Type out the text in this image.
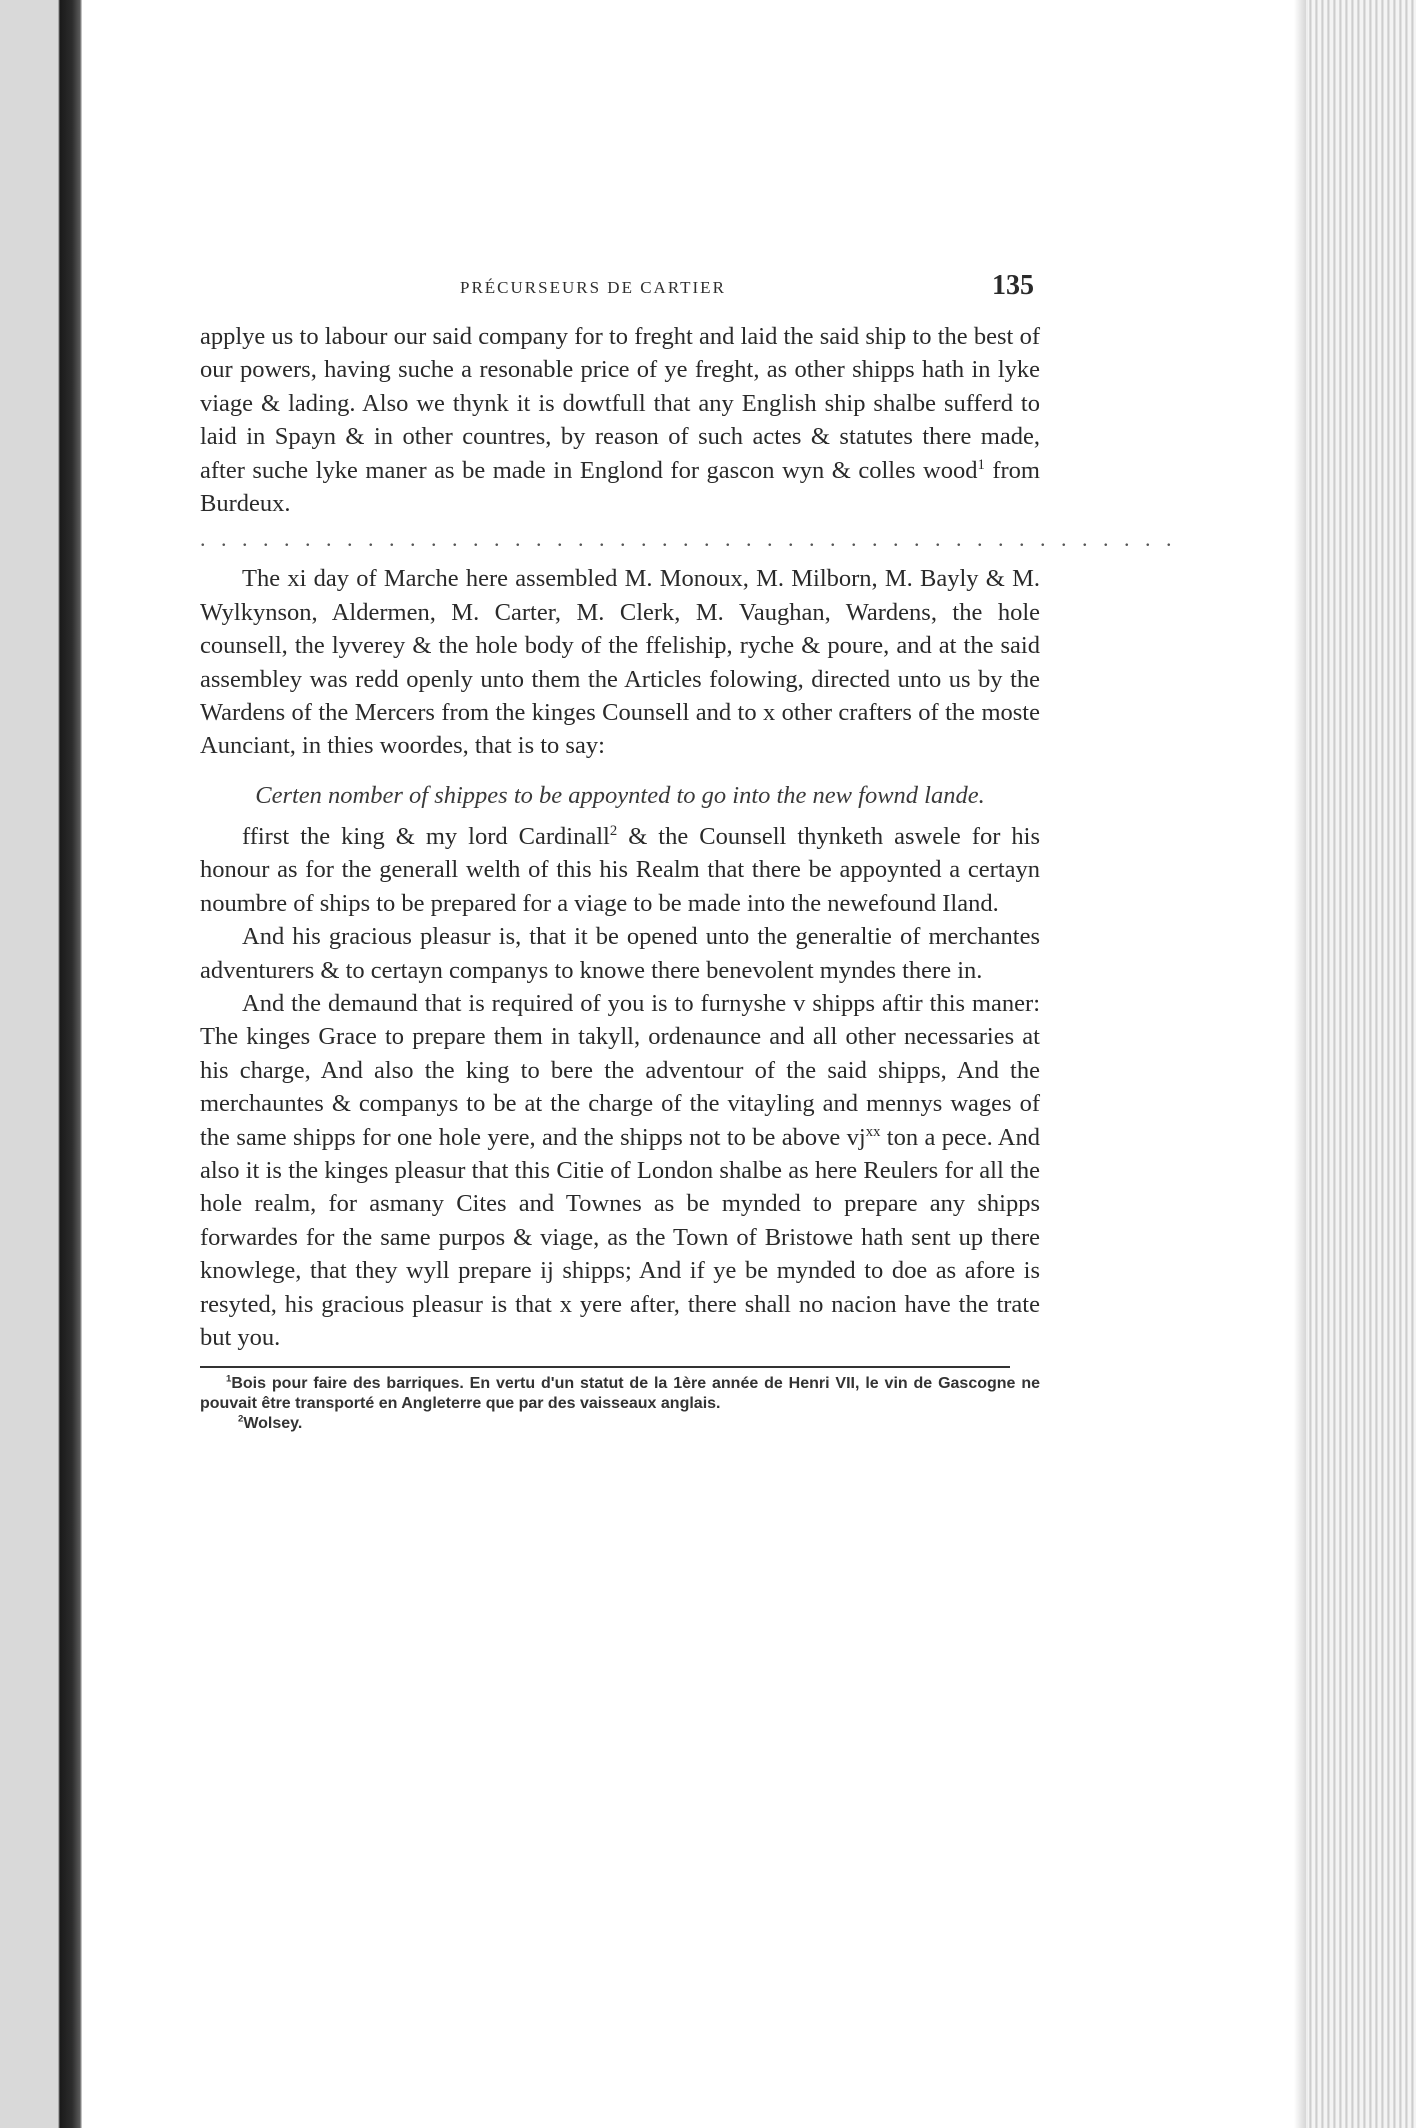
PRÉCURSEURS DE CARTIER	135

applye us to labour our said company for to freght and laid the said ship to the best of our powers, having suche a resonable price of ye freght, as other shipps hath in lyke viage & lading. Also we thynk it is dowtfull that any English ship shalbe sufferd to laid in Spayn & in other countres, by reason of such actes & statutes there made, after suche lyke maner as be made in Englond for gascon wyn & colles wood$^1$ from Burdeux.

. . . . . . . . . . . . . . . . . . . . . . . . . . . . . . . . . . . . . . . . . . . . . . .

The xi day of Marche here assembled M. Monoux, M. Milborn, M. Bayly & M. Wylkynson, Aldermen, M. Carter, M. Clerk, M. Vaughan, Wardens, the hole counsell, the lyverey & the hole body of the ffeliship, ryche & poure, and at the said assembley was redd openly unto them the Articles folowing, directed unto us by the Wardens of the Mercers from the kinges Counsell and to x other crafters of the moste Aunciant, in thies woordes, that is to say:

Certen nomber of shippes to be appoynted to go into the new fownd lande.

ffirst the king & my lord Cardinall$^2$ & the Counsell thynketh aswele for his honour as for the generall welth of this his Realm that there be appoynted a certayn noumbre of ships to be prepared for a viage to be made into the newefound Iland.

And his gracious pleasur is, that it be opened unto the generaltie of merchantes adventurers & to certayn companys to knowe there benevolent myndes there in.

And the demaund that is required of you is to furnyshe v shipps aftir this maner: The kinges Grace to prepare them in takyll, ordenaunce and all other necessaries at his charge, And also the king to bere the adventour of the said shipps, And the merchauntes & companys to be at the charge of the vitayling and mennys wages of the same shipps for one hole yere, and the shipps not to be above $vj^{xx}$ ton a pece. And also it is the kinges pleasur that this Citie of London shalbe as here Reulers for all the hole realm, for asmany Cites and Townes as be mynded to prepare any shipps forwardes for the same purpos & viage, as the Town of Bristowe hath sent up there knowlege, that they wyll prepare ij shipps; And if ye be mynded to doe as afore is resyted, his gracious pleasur is that x yere after, there shall no nacion have the trate but you.

$^1$Bois pour faire des barriques. En vertu d'un statut de la 1ère année de Henri VII, le vin de Gascogne ne pouvait être transporté en Angleterre que par des vaisseaux anglais.

$^2$Wolsey.
